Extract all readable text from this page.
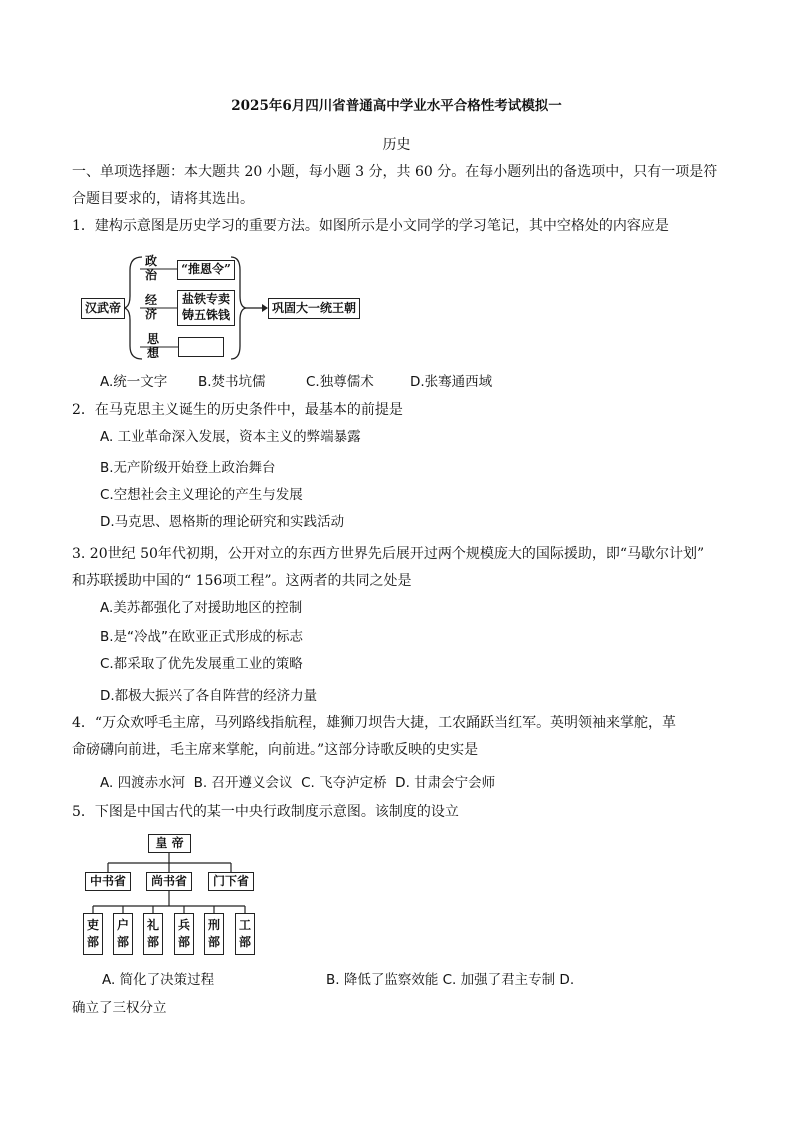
2025年6月四川省普通高中学业水平合格性考试模拟一
历史
一、单项选择题：本大题共 20 小题，每小题 3 分，共 60 分。在每小题列出的备选项中，只有一项是符
合题目要求的，请将其选出。
1．建构示意图是历史学习的重要方法。如图所示是小文同学的学习笔记，其中空格处的内容应是
汉武帝
政治	“推恩令”
经济
盐铁专卖
铸五铢钱
思想
巩固大一统王朝
A.统一文字 B.焚书坑儒	C.独尊儒术	D.张骞通西域
2．在马克思主义诞生的历史条件中，最基本的前提是
A. 工业革命深入发展，资本主义的弊端暴露
B.无产阶级开始登上政治舞台
C.空想社会主义理论的产生与发展
D.马克思、恩格斯的理论研究和实践活动
3. 20世纪 50年代初期，公开对立的东西方世界先后展开过两个规模庞大的国际援助，即“马歇尔计划”
和苏联援助中国的“ 156项工程”。这两者的共同之处是
A.美苏都强化了对援助地区的控制
B.是“冷战”在欧亚正式形成的标志
C.都采取了优先发展重工业的策略
D.都极大振兴了各自阵营的经济力量
4．“万众欢呼毛主席，马列路线指航程，雄狮刀坝告大捷，工农踊跃当红军。英明领袖来掌舵，革
命磅礴向前进，毛主席来掌舵，向前进。”这部分诗歌反映的史实是
A. 四渡赤水河  B. 召开遵义会议  C. 飞夺泸定桥  D. 甘肃会宁会师
5．下图是中国古代的某一中央行政制度示意图。该制度的设立
皇 帝
中书省	尚书省	门下省
吏
部
户
部
礼
部
兵
部
刑
部
工
部
A. 简化了决策过程	B. 降低了监察效能 C. 加强了君主专制 D.
确立了三权分立
